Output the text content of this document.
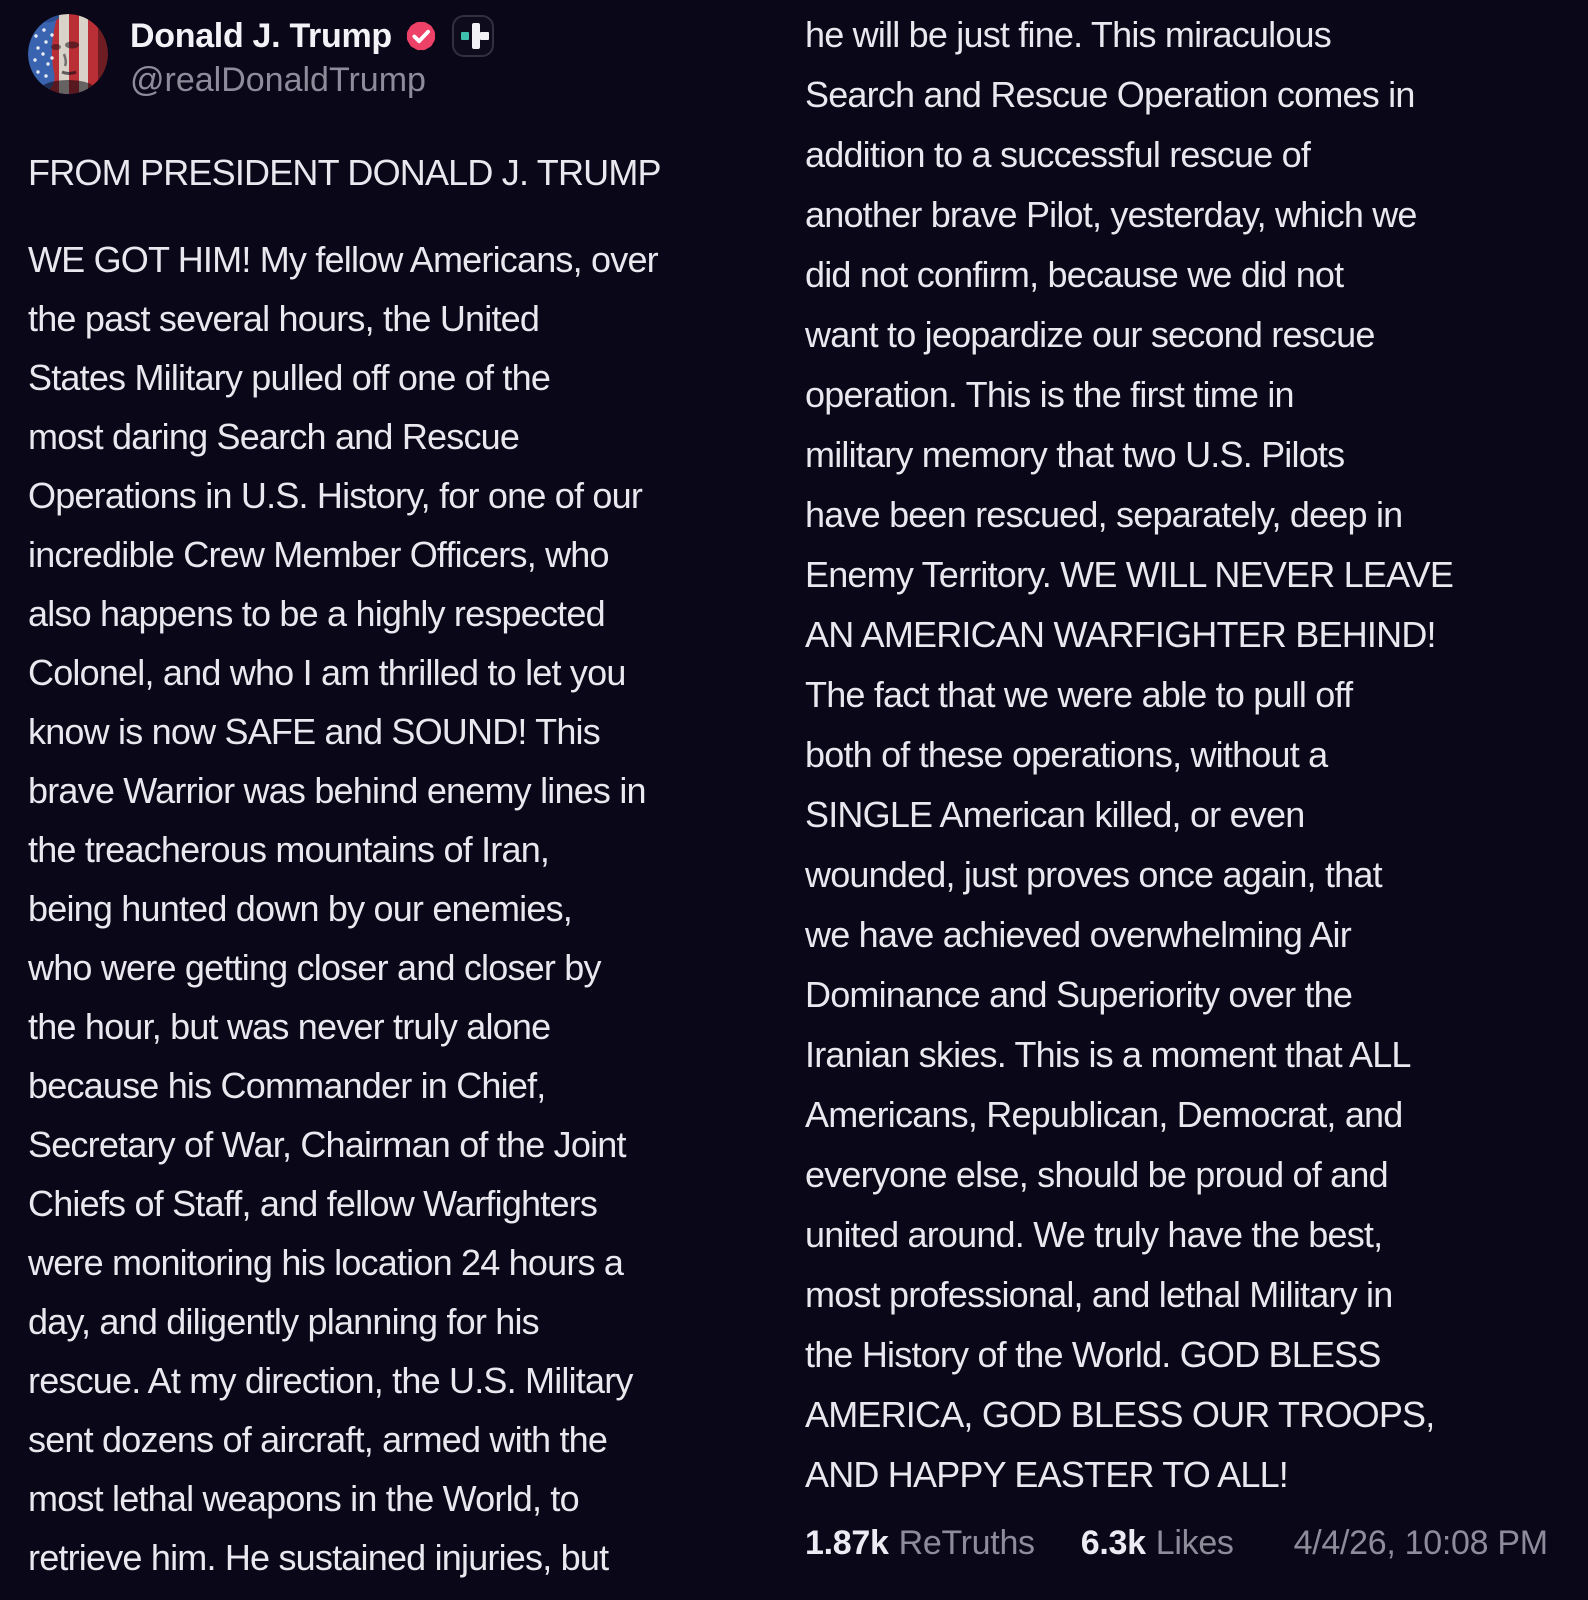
Donald J. Trump
@realDonaldTrump
FROM PRESIDENT DONALD J. TRUMP
WE GOT HIM! My fellow Americans, over
the past several hours, the United
States Military pulled off one of the
most daring Search and Rescue
Operations in U.S. History, for one of our
incredible Crew Member Officers, who
also happens to be a highly respected
Colonel, and who I am thrilled to let you
know is now SAFE and SOUND! This
brave Warrior was behind enemy lines in
the treacherous mountains of Iran,
being hunted down by our enemies,
who were getting closer and closer by
the hour, but was never truly alone
because his Commander in Chief,
Secretary of War, Chairman of the Joint
Chiefs of Staff, and fellow Warfighters
were monitoring his location 24 hours a
day, and diligently planning for his
rescue. At my direction, the U.S. Military
sent dozens of aircraft, armed with the
most lethal weapons in the World, to
retrieve him. He sustained injuries, but
he will be just fine. This miraculous
Search and Rescue Operation comes in
addition to a successful rescue of
another brave Pilot, yesterday, which we
did not confirm, because we did not
want to jeopardize our second rescue
operation. This is the first time in
military memory that two U.S. Pilots
have been rescued, separately, deep in
Enemy Territory. WE WILL NEVER LEAVE
AN AMERICAN WARFIGHTER BEHIND!
The fact that we were able to pull off
both of these operations, without a
SINGLE American killed, or even
wounded, just proves once again, that
we have achieved overwhelming Air
Dominance and Superiority over the
Iranian skies. This is a moment that ALL
Americans, Republican, Democrat, and
everyone else, should be proud of and
united around. We truly have the best,
most professional, and lethal Military in
the History of the World. GOD BLESS
AMERICA, GOD BLESS OUR TROOPS,
AND HAPPY EASTER TO ALL!
1.87k ReTruths 6.3k Likes 4/4/26, 10:08 PM
